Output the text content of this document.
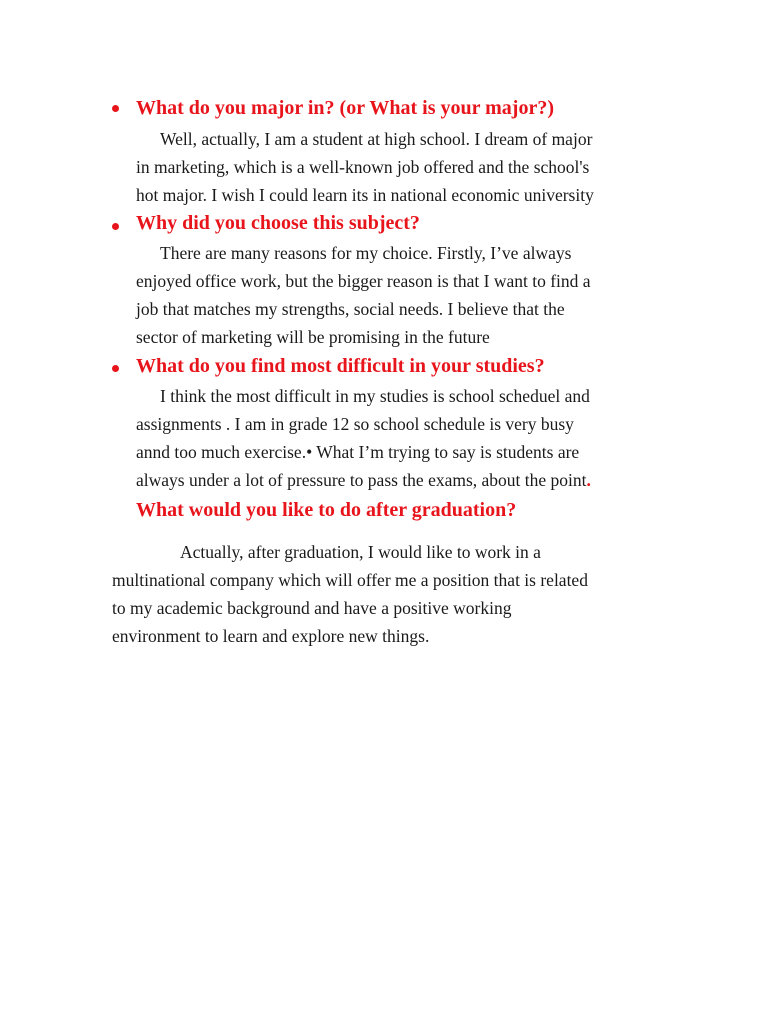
What do you major in? (or What is your major?)
Well, actually, I am a student at high school. I dream of major
in marketing, which is a well-known job offered and the school's
hot major. I wish I could learn its in national economic university
Why did you choose this subject?
There are many reasons for my choice. Firstly, I’ve always
enjoyed office work, but the bigger reason is that I want to find a
job that matches my strengths, social needs. I believe that the
sector of marketing will be promising in the future
What do you find most difficult in your studies?
I think the most difficult in my studies is school scheduel and
assignments . I am in grade 12 so school schedule is very busy
annd too much exercise.• What I’m trying to say is students are
always under a lot of pressure to pass the exams, about the point.
What would you like to do after graduation?
Actually, after graduation, I would like to work in a
multinational company which will offer me a position that is related
to my academic background and have a positive working
environment to learn and explore new things.
